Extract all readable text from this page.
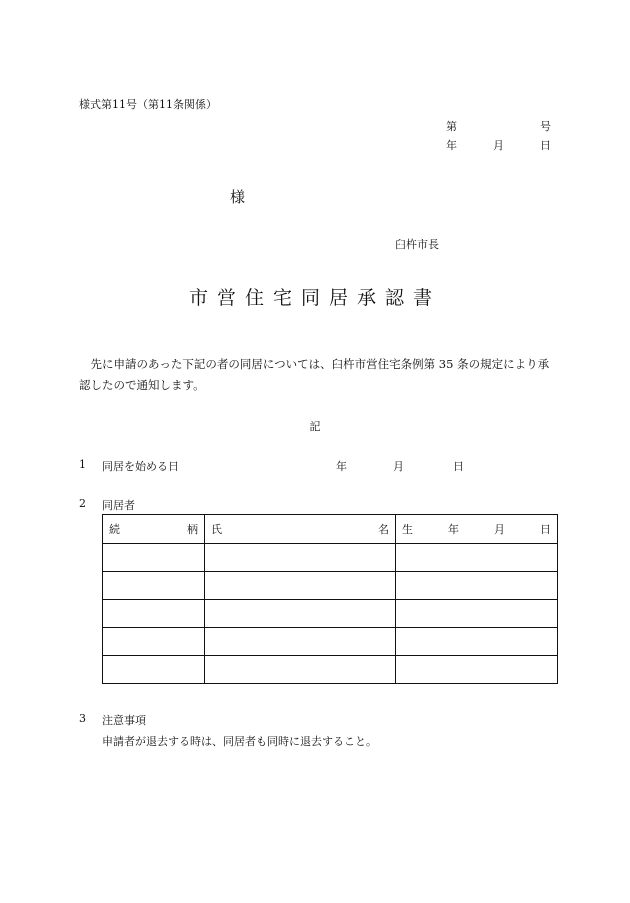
様式第11号（第11条関係）
第	号
年	月	日
様
臼杵市長
市営住宅同居承認書
　先に申請のあった下記の者の同居については、臼杵市営住宅条例第 35 条の規定により承
認したので通知します。
記
1 同居を始める日	年	月	日
2 同居者
続 柄	氏 名	生 年 月 日

3 注意事項
申請者が退去する時は、同居者も同時に退去すること。
